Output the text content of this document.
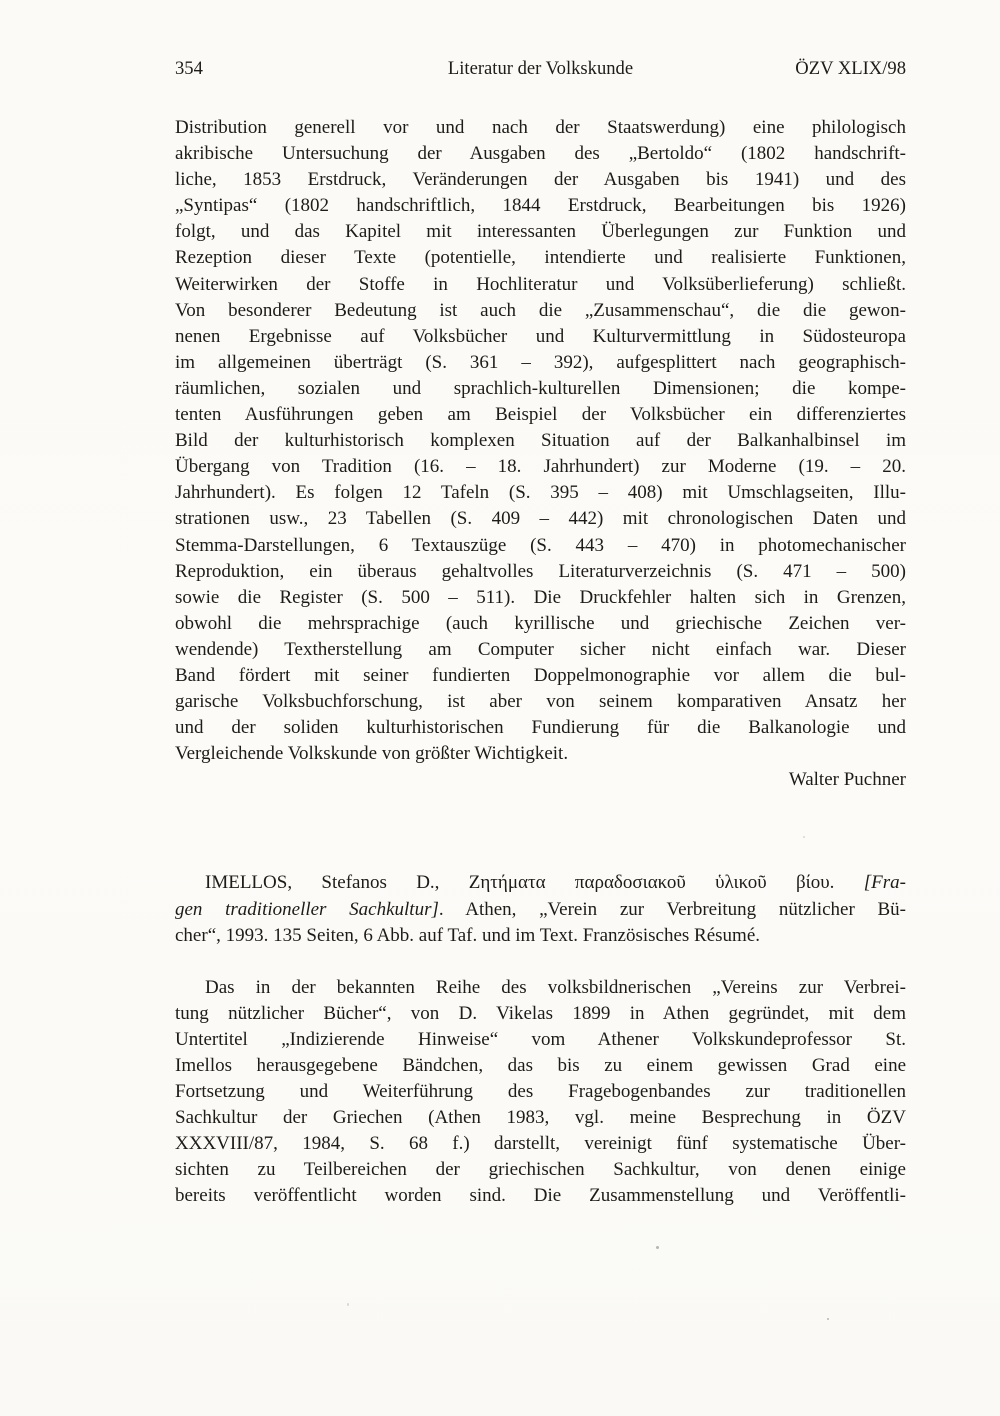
354	Literatur der Volkskunde	ÖZV XLIX/98
Distribution generell vor und nach der Staatswerdung) eine philologisch
akribische Untersuchung der Ausgaben des „Bertoldo“ (1802 handschrift-
liche, 1853 Erstdruck, Veränderungen der Ausgaben bis 1941) und des
„Syntipas“ (1802 handschriftlich, 1844 Erstdruck, Bearbeitungen bis 1926)
folgt, und das Kapitel mit interessanten Überlegungen zur Funktion und
Rezeption dieser Texte (potentielle, intendierte und realisierte Funktionen,
Weiterwirken der Stoffe in Hochliteratur und Volksüberlieferung) schließt.
Von besonderer Bedeutung ist auch die „Zusammenschau“, die die gewon-
nenen Ergebnisse auf Volksbücher und Kulturvermittlung in Südosteuropa
im allgemeinen überträgt (S. 361 – 392), aufgesplittert nach geographisch-
räumlichen, sozialen und sprachlich-kulturellen Dimensionen; die kompe-
tenten Ausführungen geben am Beispiel der Volksbücher ein differenziertes
Bild der kulturhistorisch komplexen Situation auf der Balkanhalbinsel im
Übergang von Tradition (16. – 18. Jahrhundert) zur Moderne (19. – 20.
Jahrhundert). Es folgen 12 Tafeln (S. 395 – 408) mit Umschlagseiten, Illu-
strationen usw., 23 Tabellen (S. 409 – 442) mit chronologischen Daten und
Stemma-Darstellungen, 6 Textauszüge (S. 443 – 470) in photomechanischer
Reproduktion, ein überaus gehaltvolles Literaturverzeichnis (S. 471 – 500)
sowie die Register (S. 500 – 511). Die Druckfehler halten sich in Grenzen,
obwohl die mehrsprachige (auch kyrillische und griechische Zeichen ver-
wendende) Textherstellung am Computer sicher nicht einfach war. Dieser
Band fördert mit seiner fundierten Doppelmonographie vor allem die bul-
garische Volksbuchforschung, ist aber von seinem komparativen Ansatz her
und der soliden kulturhistorischen Fundierung für die Balkanologie und
Vergleichende Volkskunde von größter Wichtigkeit.
Walter Puchner
IMELLOS, Stefanos D., Ζητήματα παραδοσιακοῦ ὑλικοῦ βίου. [Fra-
gen traditioneller Sachkultur]. Athen, „Verein zur Verbreitung nützlicher Bü-
cher“, 1993. 135 Seiten, 6 Abb. auf Taf. und im Text. Französisches Résumé.
Das in der bekannten Reihe des volksbildnerischen „Vereins zur Verbrei-
tung nützlicher Bücher“, von D. Vikelas 1899 in Athen gegründet, mit dem
Untertitel „Indizierende Hinweise“ vom Athener Volkskundeprofessor St.
Imellos herausgegebene Bändchen, das bis zu einem gewissen Grad eine
Fortsetzung und Weiterführung des Fragebogenbandes zur traditionellen
Sachkultur der Griechen (Athen 1983, vgl. meine Besprechung in ÖZV
XXXVIII/87, 1984, S. 68 f.) darstellt, vereinigt fünf systematische Über-
sichten zu Teilbereichen der griechischen Sachkultur, von denen einige
bereits veröffentlicht worden sind. Die Zusammenstellung und Veröffentli-
